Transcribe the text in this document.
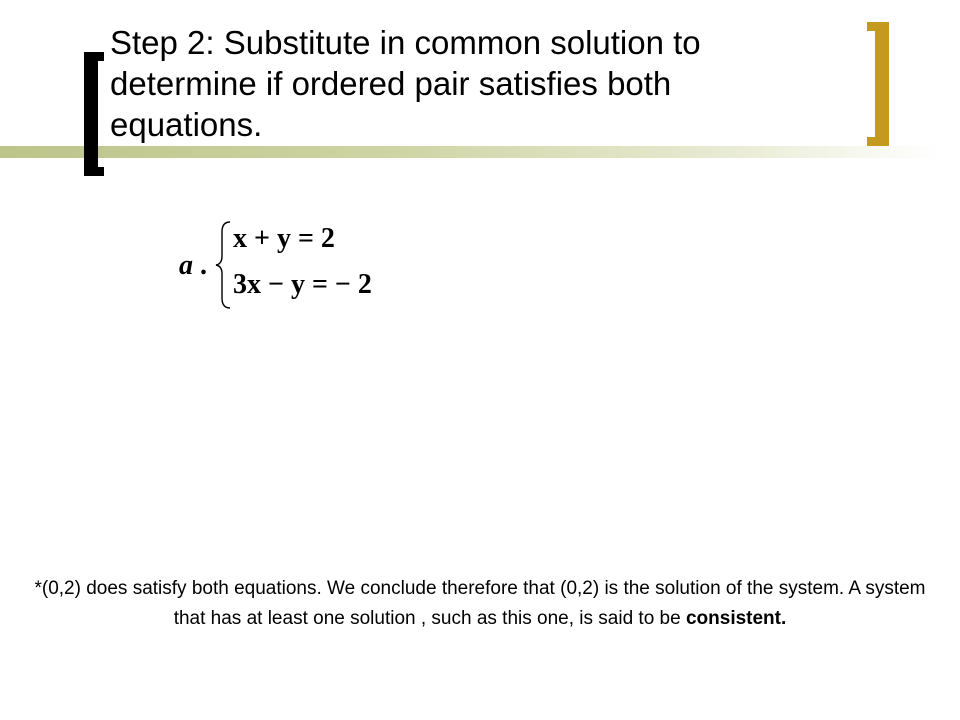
Step 2: Substitute in common solution to determine if ordered pair satisfies both equations.
a .
x + y = 2
3x − y = − 2

*(0,2) does satisfy both equations. We conclude therefore that (0,2) is the solution of the system. A system that has at least one solution , such as this one, is said to be consistent.
